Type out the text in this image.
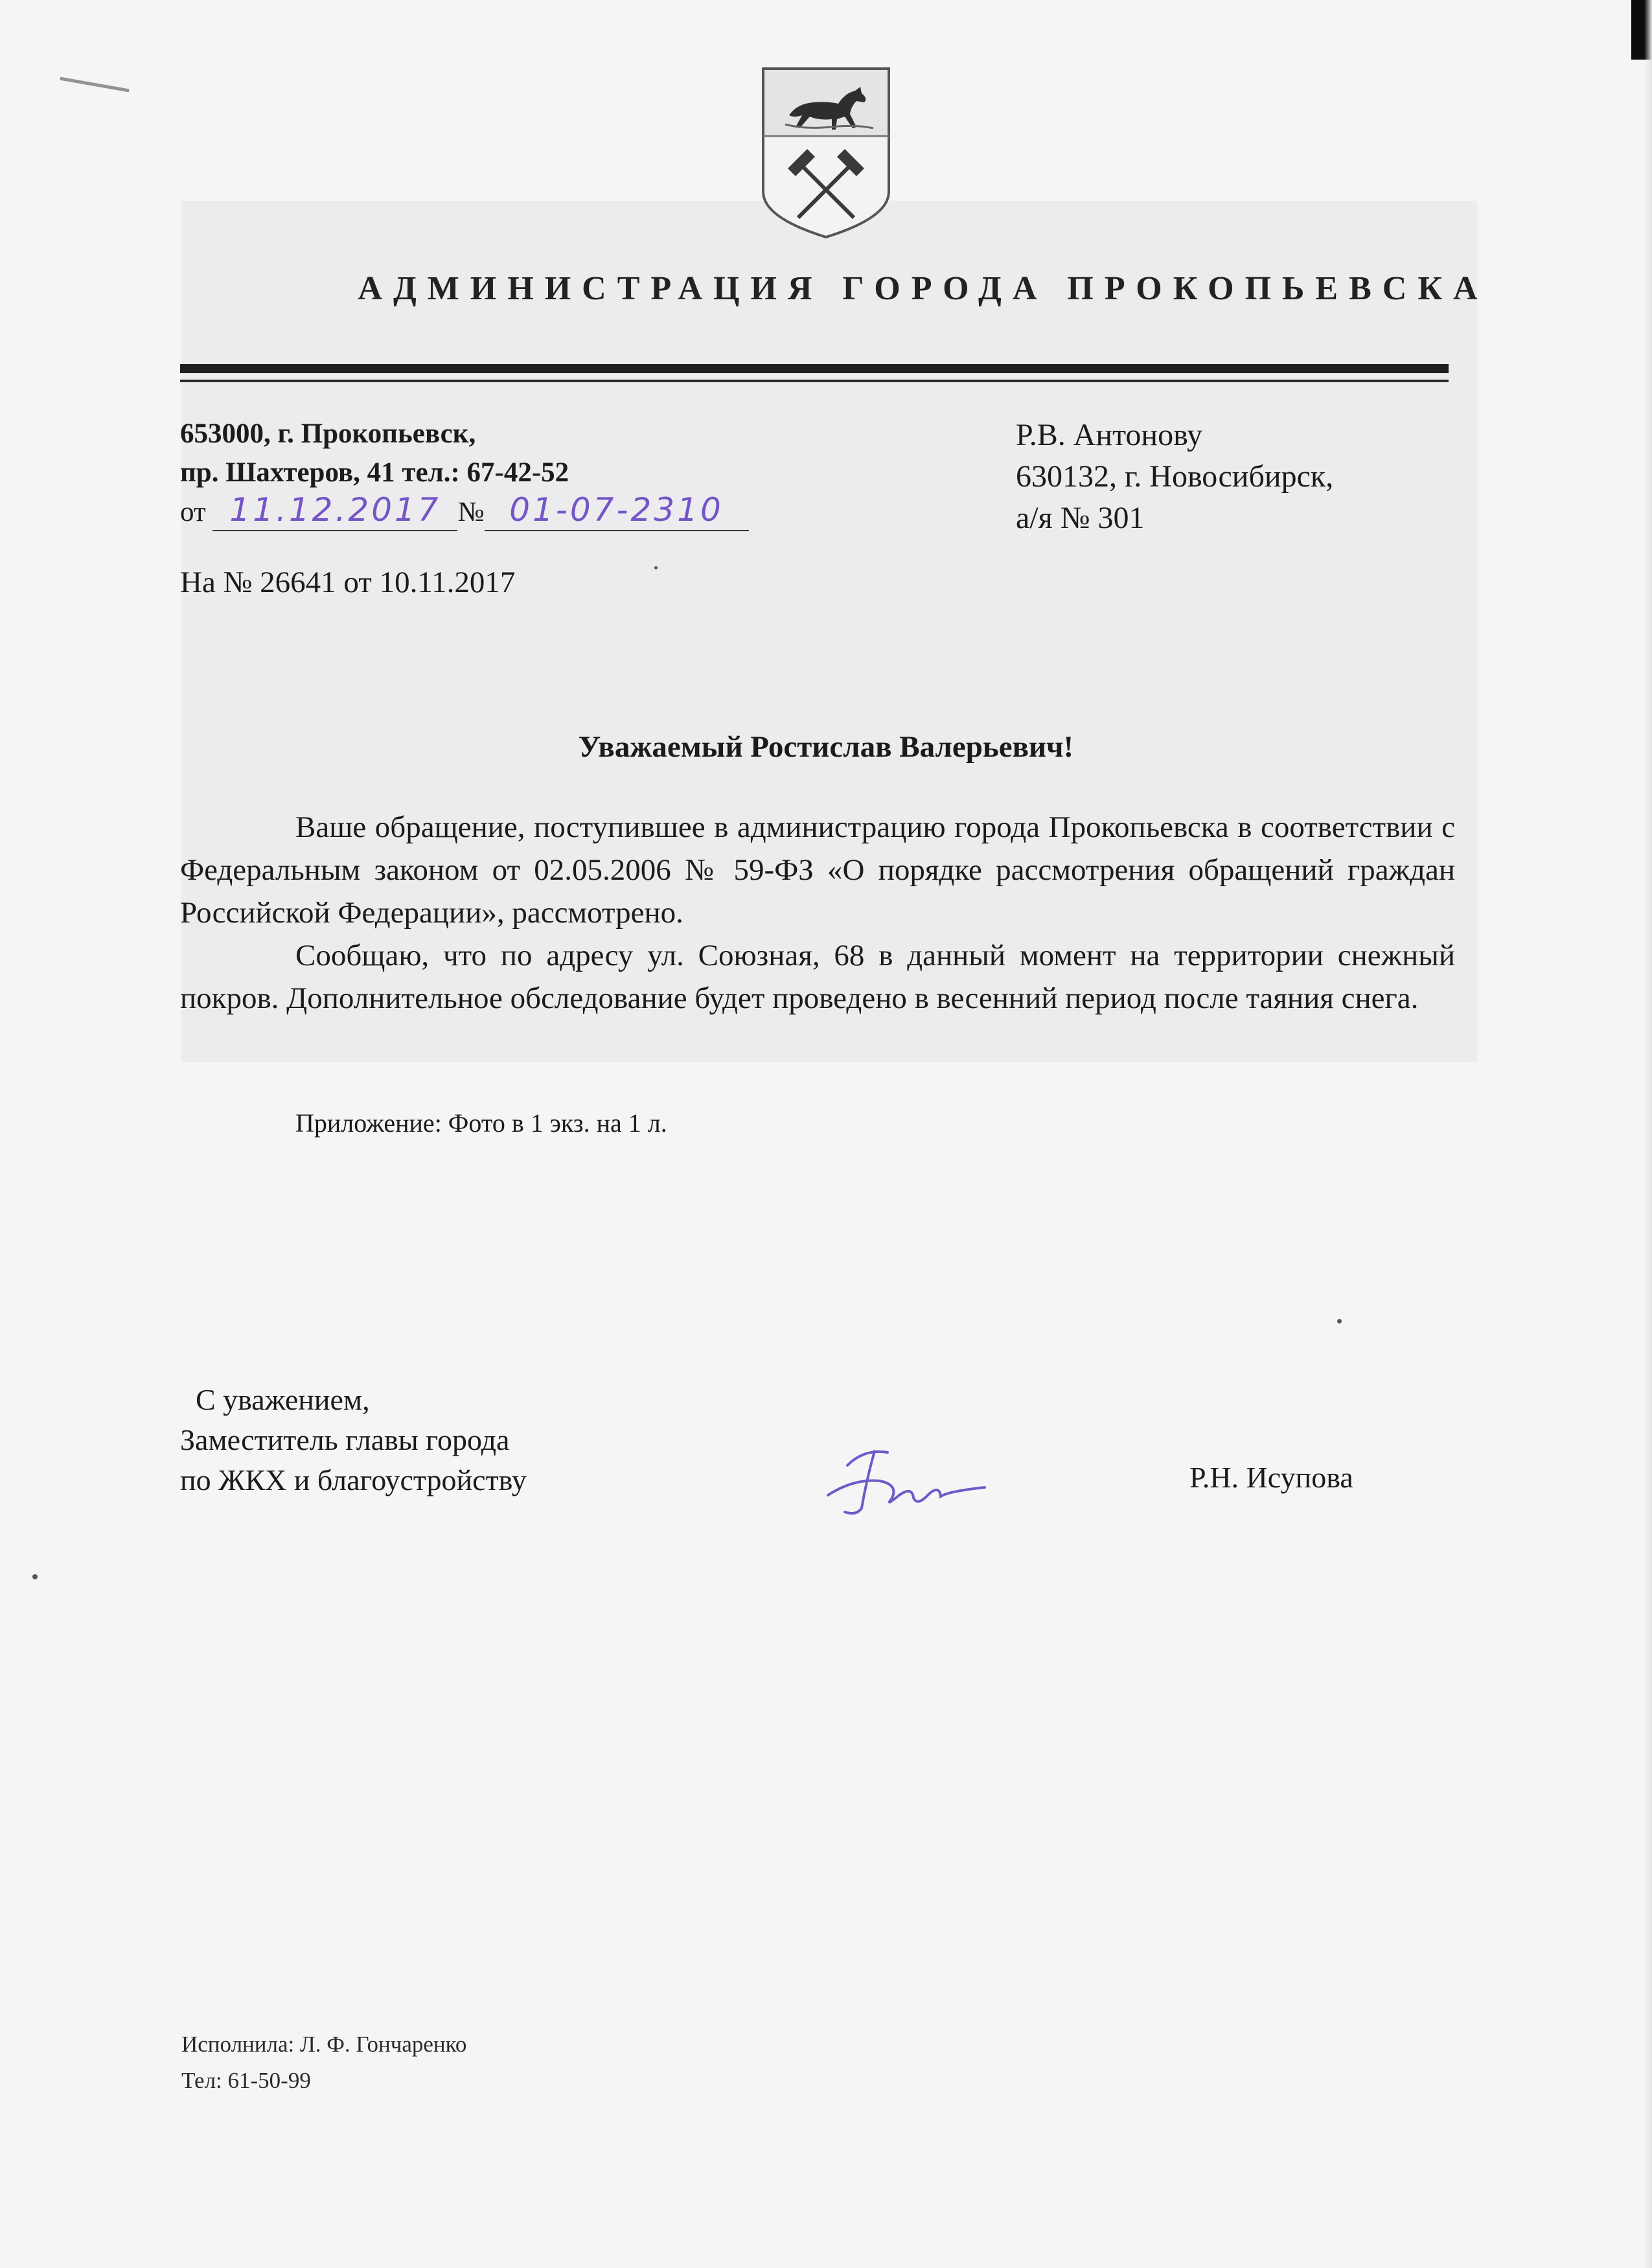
АДМИНИСТРАЦИЯ ГОРОДА ПРОКОПЬЕВСКА
653000, г. Прокопьевск,
пр. Шахтеров, 41 тел.: 67-42-52
от 11.12.2017 № 01-07-2310
Р.В. Антонову
630132, г. Новосибирск,
а/я № 301
На № 26641 от 10.11.2017
Уважаемый Ростислав Валерьевич!

Ваше обращение, поступившее в администрацию города Прокопьевска в соответствии с Федеральным законом от 02.05.2006 № 59-ФЗ «О порядке рассмотрения обращений граждан Российской Федерации», рассмотрено.

Сообщаю, что по адресу ул. Союзная, 68 в данный момент на территории снежный покров. Дополнительное обследование будет проведено в весенний период после таяния снега.

Приложение: Фото в 1 экз. на 1 л.
С уважением,
Заместитель главы города
по ЖКХ и благоустройству	Р.Н. Исупова
Исполнила: Л. Ф. Гончаренко
Тел: 61-50-99
